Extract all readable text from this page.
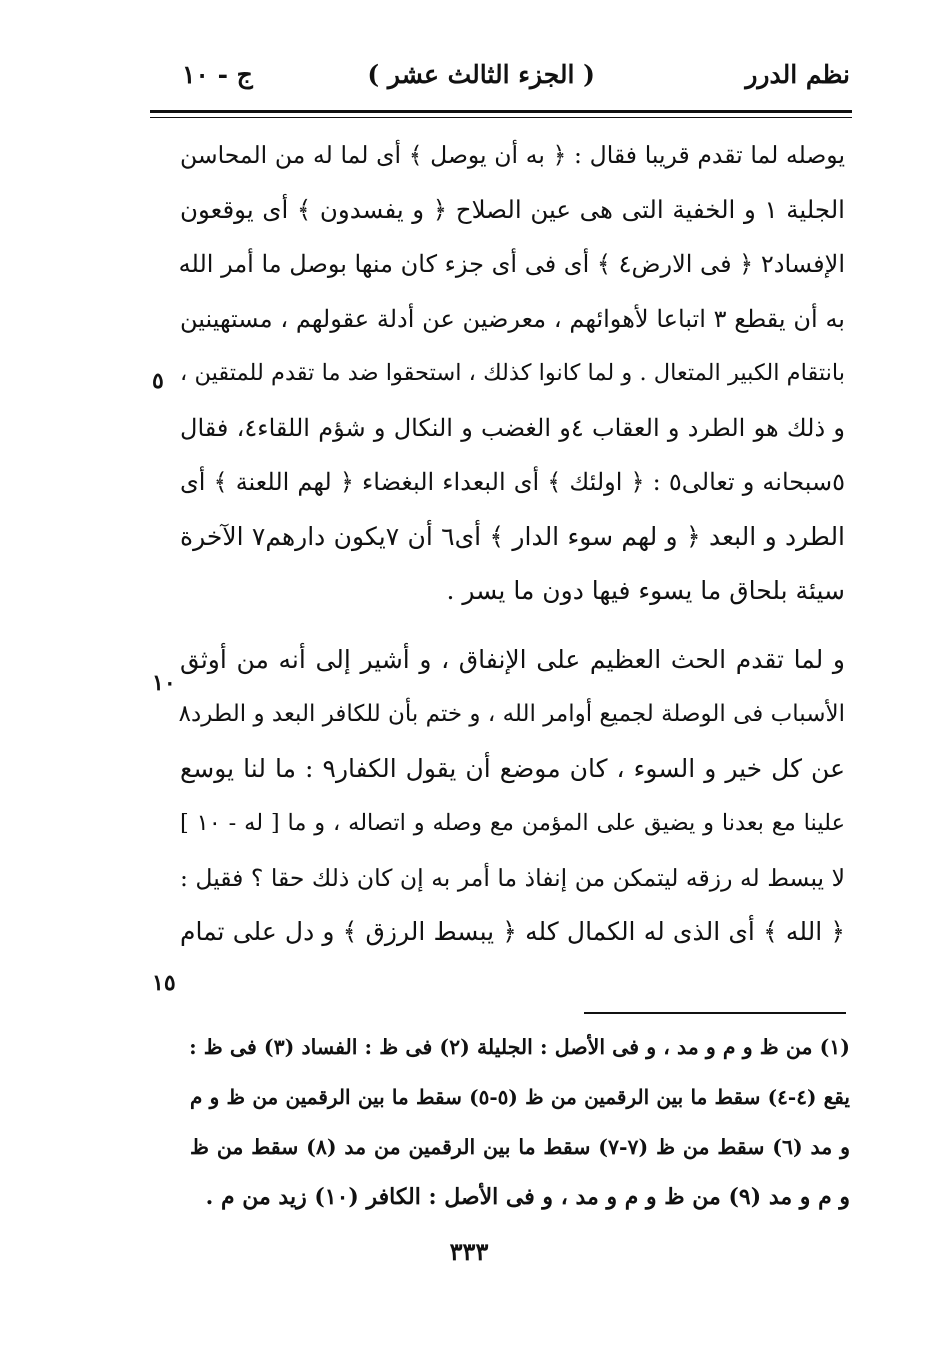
نظم الدرر
( الجزء الثالث عشر )
ج - ١٠
يوصله لما تقدم قريبا فقال : ﴿ به أن يوصل ﴾ أى لما له من المحاسن
الجلية ١ و الخفية التى هى عين الصلاح ﴿ و يفسدون ﴾ أى يوقعون
الإفساد٢ ﴿ فى الارض٤ ﴾ أى فى أى جزء كان منها بوصل ما أمر الله
به أن يقطع ٣ اتباعا لأهوائهم ، معرضين عن أدلة عقولهم ، مستهينين
بانتقام الكبير المتعال . و لما كانوا كذلك ، استحقوا ضد ما تقدم للمتقين ،
و ذلك هو الطرد و العقاب ٤و الغضب و النكال و شؤم اللقاء٤، فقال
٥سبحانه و تعالى٥ : ﴿ اولئك ﴾ أى البعداء البغضاء ﴿ لهم اللعنة ﴾ أى
الطرد و البعد ﴿ و لهم سوء الدار ﴾ أى٦ أن ٧يكون دارهم٧ الآخرة
سيئة بلحاق ما يسوء فيها دون ما يسر .
و لما تقدم الحث العظيم على الإنفاق ، و أشير إلى أنه من أوثق
الأسباب فى الوصلة لجميع أوامر الله ، و ختم بأن للكافر البعد و الطرد٨
عن كل خير و السوء ، كان موضع أن يقول الكفار٩ : ما لنا يوسع
علينا مع بعدنا و يضيق على المؤمن مع وصله و اتصاله ، و ما [ له - ١٠ ]
لا يبسط له رزقه ليتمكن من إنفاذ ما أمر به إن كان ذلك حقا ؟ فقيل :
﴿ الله ﴾ أى الذى له الكمال كله ﴿ يبسط الرزق ﴾ و دل على تمام
٥
١٠
١٥
(١) من ظ و م و مد ، و فى الأصل : الجليلة (٢) فى ظ : الفساد (٣) فى ظ :
يقع (٤-٤) سقط ما بين الرقمين من ظ (٥-٥) سقط ما بين الرقمين من ظ و م
و مد (٦) سقط من ظ (٧-٧) سقط ما بين الرقمين من مد (٨) سقط من ظ
و م و مد (٩) من ظ و م و مد ، و فى الأصل : الكافر (١٠) زيد من م .
٣٣٣
